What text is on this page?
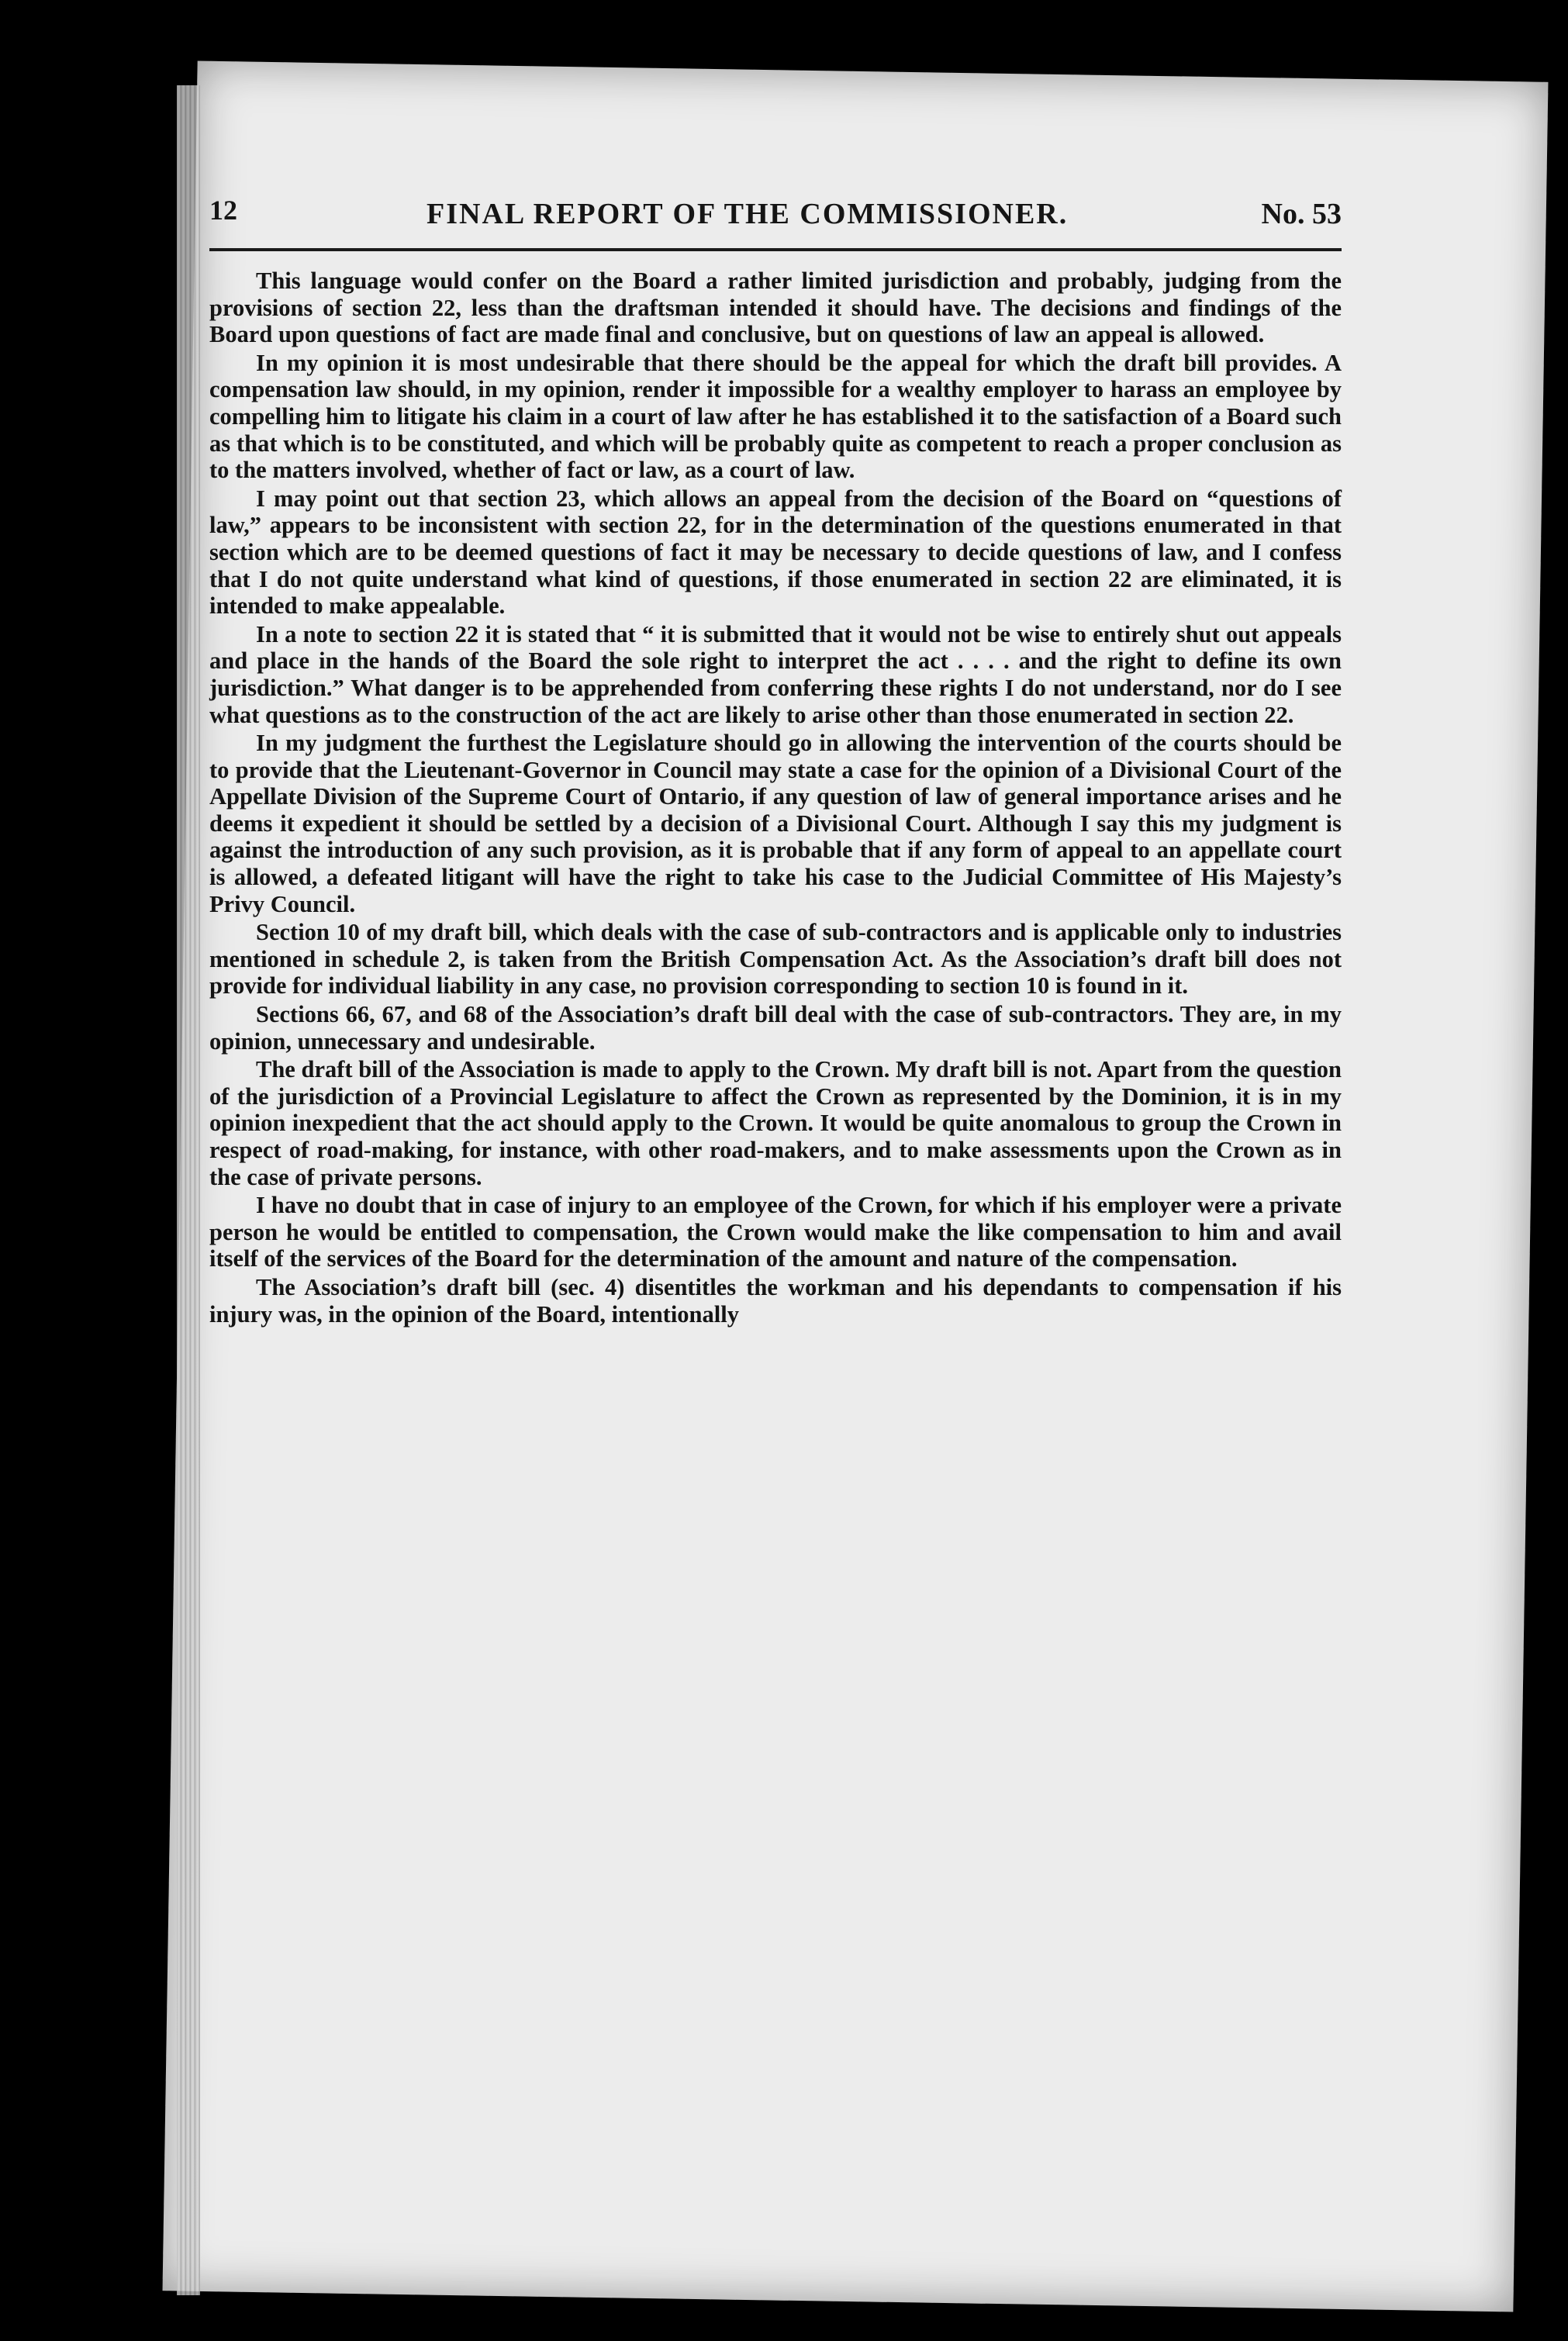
12	FINAL REPORT OF THE COMMISSIONER.	No. 53

This language would confer on the Board a rather limited jurisdiction and probably, judging from the provisions of section 22, less than the draftsman intended it should have. The decisions and findings of the Board upon questions of fact are made final and conclusive, but on questions of law an appeal is allowed.

In my opinion it is most undesirable that there should be the appeal for which the draft bill provides. A compensation law should, in my opinion, render it impossible for a wealthy employer to harass an employee by compelling him to litigate his claim in a court of law after he has established it to the satisfaction of a Board such as that which is to be constituted, and which will be probably quite as competent to reach a proper conclusion as to the matters involved, whether of fact or law, as a court of law.

I may point out that section 23, which allows an appeal from the decision of the Board on “questions of law,” appears to be inconsistent with section 22, for in the determination of the questions enumerated in that section which are to be deemed questions of fact it may be necessary to decide questions of law, and I confess that I do not quite understand what kind of questions, if those enumerated in section 22 are eliminated, it is intended to make appealable.

In a note to section 22 it is stated that “ it is submitted that it would not be wise to entirely shut out appeals and place in the hands of the Board the sole right to interpret the act . . . . and the right to define its own jurisdiction.” What danger is to be apprehended from conferring these rights I do not understand, nor do I see what questions as to the construction of the act are likely to arise other than those enumerated in section 22.

In my judgment the furthest the Legislature should go in allowing the intervention of the courts should be to provide that the Lieutenant-Governor in Council may state a case for the opinion of a Divisional Court of the Appellate Division of the Supreme Court of Ontario, if any question of law of general importance arises and he deems it expedient it should be settled by a decision of a Divisional Court. Although I say this my judgment is against the introduction of any such provision, as it is probable that if any form of appeal to an appellate court is allowed, a defeated litigant will have the right to take his case to the Judicial Committee of His Majesty’s Privy Council.

Section 10 of my draft bill, which deals with the case of sub-contractors and is applicable only to industries mentioned in schedule 2, is taken from the British Compensation Act. As the Association’s draft bill does not provide for individual liability in any case, no provision corresponding to section 10 is found in it.

Sections 66, 67, and 68 of the Association’s draft bill deal with the case of sub-contractors. They are, in my opinion, unnecessary and undesirable.

The draft bill of the Association is made to apply to the Crown. My draft bill is not. Apart from the question of the jurisdiction of a Provincial Legislature to affect the Crown as represented by the Dominion, it is in my opinion inexpedient that the act should apply to the Crown. It would be quite anomalous to group the Crown in respect of road-making, for instance, with other road-makers, and to make assessments upon the Crown as in the case of private persons.

I have no doubt that in case of injury to an employee of the Crown, for which if his employer were a private person he would be entitled to compensation, the Crown would make the like compensation to him and avail itself of the services of the Board for the determination of the amount and nature of the compensation.

The Association’s draft bill (sec. 4) disentitles the workman and his dependants to compensation if his injury was, in the opinion of the Board, intentionally
